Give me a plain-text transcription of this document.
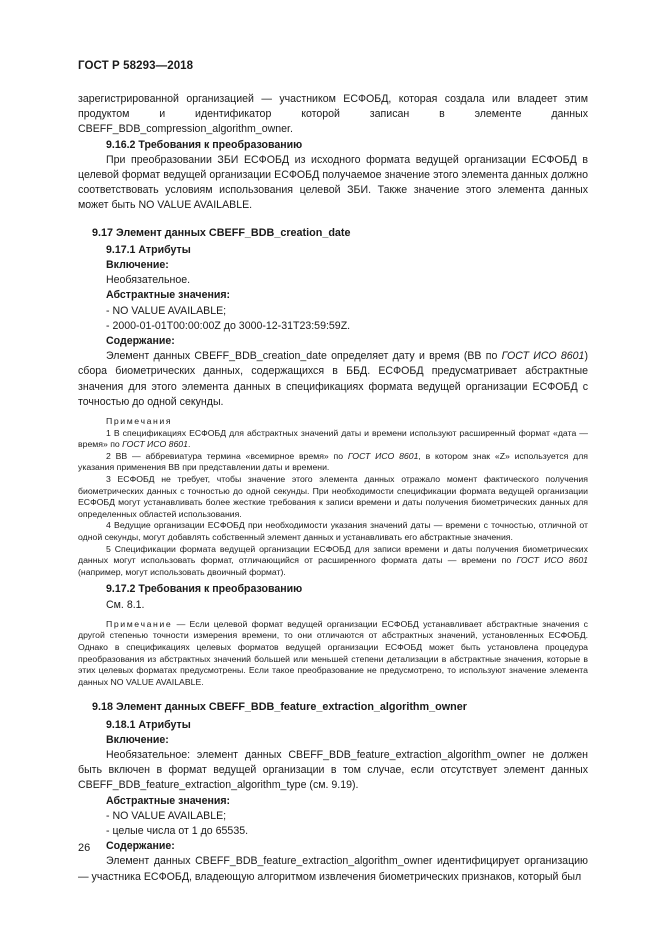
ГОСТ Р 58293—2018

зарегистрированной организацией — участником ЕСФОБД, которая создала или владеет этим продуктом и идентификатор которой записан в элементе данных CBEFF_BDB_compression_algorithm_owner.

9.16.2 Требования к преобразованию

При преобразовании ЗБИ ЕСФОБД из исходного формата ведущей организации ЕСФОБД в целевой формат ведущей организации ЕСФОБД получаемое значение этого элемента данных должно соответствовать условиям использования целевой ЗБИ. Также значение этого элемента данных может быть NO VALUE AVAILABLE.

9.17 Элемент данных CBEFF_BDB_creation_date
9.17.1 Атрибуты
Включение:
Необязательное.
Абстрактные значения:
- NO VALUE AVAILABLE;
- 2000-01-01T00:00:00Z до 3000-12-31T23:59:59Z.
Содержание:

Элемент данных CBEFF_BDB_creation_date определяет дату и время (ВВ по ГОСТ ИСО 8601) сбора биометрических данных, содержащихся в ББД. ЕСФОБД предусматривает абстрактные значения для этого элемента данных в спецификациях формата ведущей организации ЕСФОБД с точностью до одной секунды.

Примечания
1 В спецификациях ЕСФОБД для абстрактных значений даты и времени используют расширенный формат «дата — время» по ГОСТ ИСО 8601.
2 ВВ — аббревиатура термина «всемирное время» по ГОСТ ИСО 8601, в котором знак «Z» используется для указания применения ВВ при представлении даты и времени.
3 ЕСФОБД не требует, чтобы значение этого элемента данных отражало момент фактического получения биометрических данных с точностью до одной секунды. При необходимости спецификации формата ведущей организации ЕСФОБД могут устанавливать более жесткие требования к записи времени и даты получения биометрических данных для определенных областей использования.
4 Ведущие организации ЕСФОБД при необходимости указания значений даты — времени с точностью, отличной от одной секунды, могут добавлять собственный элемент данных и устанавливать его абстрактные значения.
5 Спецификации формата ведущей организации ЕСФОБД для записи времени и даты получения биометрических данных могут использовать формат, отличающийся от расширенного формата даты — времени по ГОСТ ИСО 8601 (например, могут использовать двоичный формат).
9.17.2 Требования к преобразованию
См. 8.1.
Примечание — Если целевой формат ведущей организации ЕСФОБД устанавливает абстрактные значения с другой степенью точности измерения времени, то они отличаются от абстрактных значений, установленных ЕСФОБД. Однако в спецификациях целевых форматов ведущей организации ЕСФОБД может быть установлена процедура преобразования из абстрактных значений большей или меньшей степени детализации в абстрактные значения, которые в этих целевых форматах предусмотрены. Если такое преобразование не предусмотрено, то используют значение элемента данных NO VALUE AVAILABLE.
9.18 Элемент данных CBEFF_BDB_feature_extraction_algorithm_owner
9.18.1 Атрибуты
Включение:

Необязательное: элемент данных CBEFF_BDB_feature_extraction_algorithm_owner не должен быть включен в формат ведущей организации в том случае, если отсутствует элемент данных CBEFF_BDB_feature_extraction_algorithm_type (см. 9.19).

Абстрактные значения:
- NO VALUE AVAILABLE;
- целые числа от 1 до 65535.
Содержание:

Элемент данных CBEFF_BDB_feature_extraction_algorithm_owner идентифицирует организацию — участника ЕСФОБД, владеющую алгоритмом извлечения биометрических признаков, который был

26
